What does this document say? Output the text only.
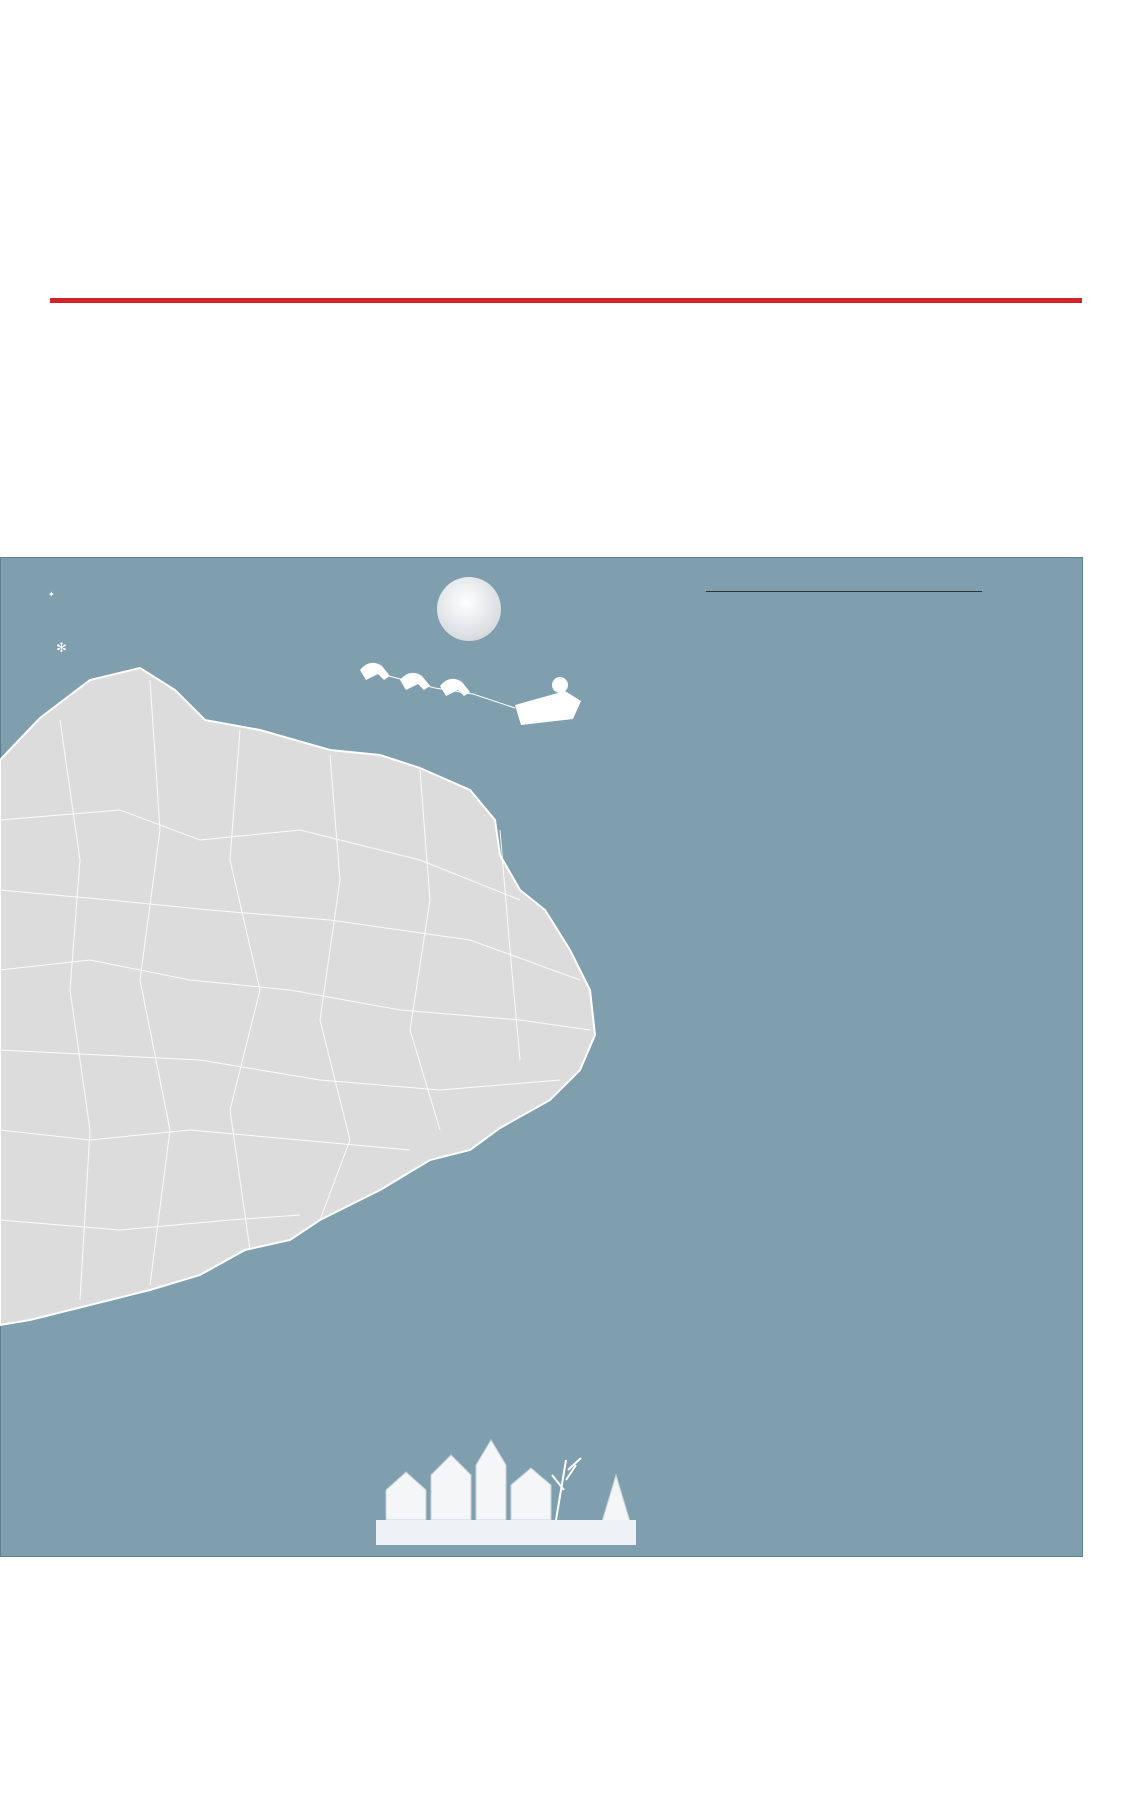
✻
✦
